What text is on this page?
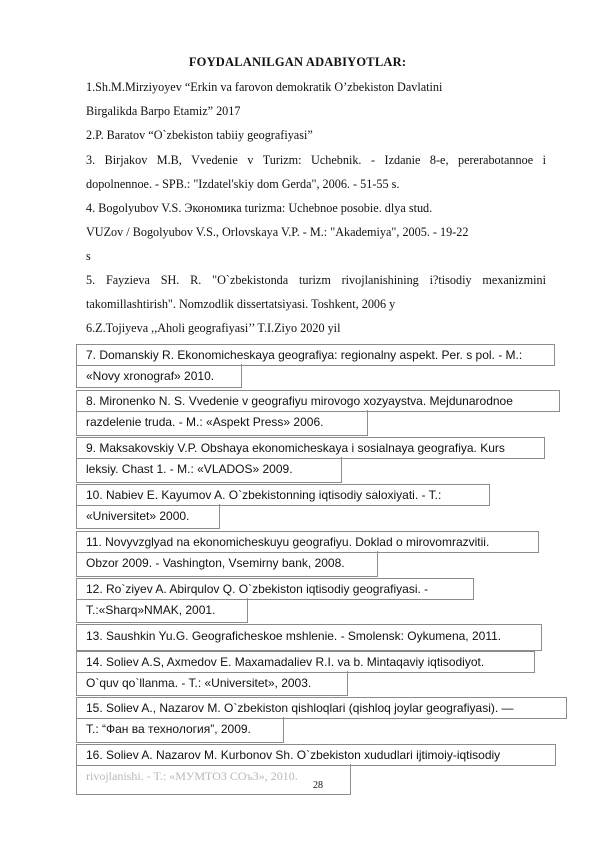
FOYDALANILGAN ADABIYOTLAR:
1.Sh.M.Mirziyoyev “Erkin va farovon demokratik O’zbekiston Davlatini
Birgalikda Barpo Etamiz” 2017
2.P. Baratov “O`zbekiston tabiiy geografiyasi”
3. Birjakov M.B, Vvedenie v Turizm: Uchebnik. - Izdanie 8-e, pererabotannoe i
dopolnennoe. - SPB.: "Izdatel'skiy dom Gerda", 2006. - 51-55 s.
4. Bogolyubov V.S. Экономика turizma: Uchebnoe posobie. dlya stud.
VUZov / Bogolyubov V.S., Orlovskaya V.P. - M.: "Akademiya", 2005. - 19-22
s
5. Fayzieva SH. R. "O`zbekistonda turizm rivojlanishining i?tisodiy mexanizmini
takomillashtirish". Nomzodlik dissertatsiyasi. Toshkent, 2006 y
6.Z.Tojiyeva ,,Aholi geografiyasi’’ T.I.Ziyo 2020 yil
7. Domanskiy R. Ekonomicheskaya geografiya: regionalny aspekt. Per. s pol. - M.:
«Novy xronograf» 2010.
8. Mironenko N. S. Vvedenie v geografiyu mirovogo xozyaystva. Mejdunarodnoe
razdelenie truda. - M.: «Aspekt Press» 2006.
9. Maksakovskiy V.P. Obshaya ekonomicheskaya i sosialnaya geografiya. Kurs
leksiy. Chast 1. - M.: «VLADOS» 2009.
10. Nabiev E. Kayumov A. O`zbekistonning iqtisodiy saloxiyati. - T.:
«Universitet» 2000.
11. Novyvzglyad na ekonomicheskuyu geografiyu. Doklad o mirovomrazvitii.
Obzor 2009. - Vashington, Vsemirny bank, 2008.
12. Ro`ziyev A. Abirqulov Q. O`zbekiston iqtisodiy geografiyasi. -
T.:«Sharq»NMAK, 2001.
13. Saushkin Yu.G. Geograficheskoe mshlenie. - Smolensk: Oykumena, 2011.
14. Soliev A.S, Axmedov E. Maxamadaliev R.I. va b. Mintaqaviy iqtisodiyot.
O`quv qo`llanma. - T.: «Universitet», 2003.
15. Soliev A., Nazarov M. O`zbekiston qishloqlari (qishloq joylar geografiyasi). —
T.: “Фан ва технология”, 2009.
16. Soliev A. Nazarov M. Kurbonov Sh. O`zbekiston xududlari ijtimoiy-iqtisodiy
rivojlanishi. - T.: «МУМТОЗ СОъЗ», 2010.
28
